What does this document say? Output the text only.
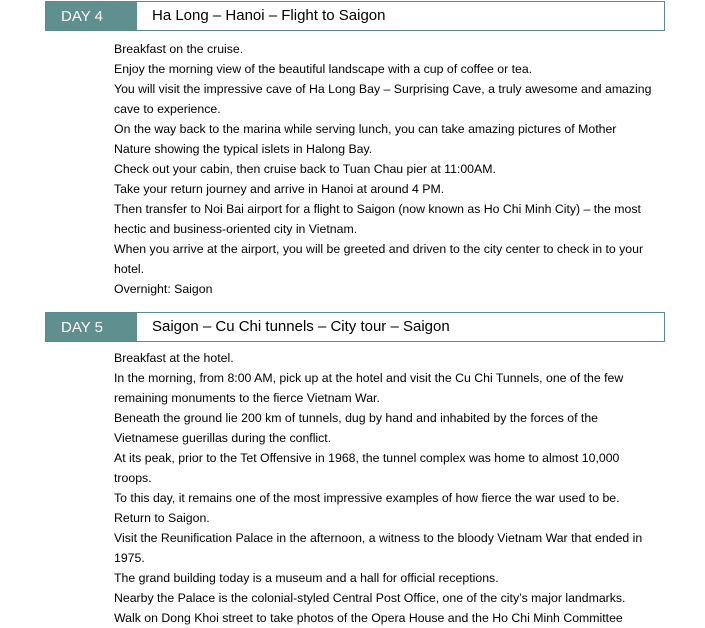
DAY 4	Ha Long – Hanoi – Flight to Saigon

Breakfast on the cruise.

Enjoy the morning view of the beautiful landscape with a cup of coffee or tea.

You will visit the impressive cave of Ha Long Bay – Surprising Cave, a truly awesome and amazing

cave to experience.

On the way back to the marina while serving lunch, you can take amazing pictures of Mother

Nature showing the typical islets in Halong Bay.

Check out your cabin, then cruise back to Tuan Chau pier at 11:00AM.

Take your return journey and arrive in Hanoi at around 4 PM.

Then transfer to Noi Bai airport for a flight to Saigon (now known as Ho Chi Minh City) – the most

hectic and business-oriented city in Vietnam.

When you arrive at the airport, you will be greeted and driven to the city center to check in to your

hotel.

Overnight: Saigon

DAY 5	Saigon – Cu Chi tunnels – City tour – Saigon

Breakfast at the hotel.

In the morning, from 8:00 AM, pick up at the hotel and visit the Cu Chi Tunnels, one of the few

remaining monuments to the fierce Vietnam War.

Beneath the ground lie 200 km of tunnels, dug by hand and inhabited by the forces of the

Vietnamese guerillas during the conflict.

At its peak, prior to the Tet Offensive in 1968, the tunnel complex was home to almost 10,000

troops.

To this day, it remains one of the most impressive examples of how fierce the war used to be.

Return to Saigon.

Visit the Reunification Palace in the afternoon, a witness to the bloody Vietnam War that ended in

1975.

The grand building today is a museum and a hall for official receptions.

Nearby the Palace is the colonial-styled Central Post Office, one of the city’s major landmarks.

Walk on Dong Khoi street to take photos of the Opera House and the Ho Chi Minh Committee
